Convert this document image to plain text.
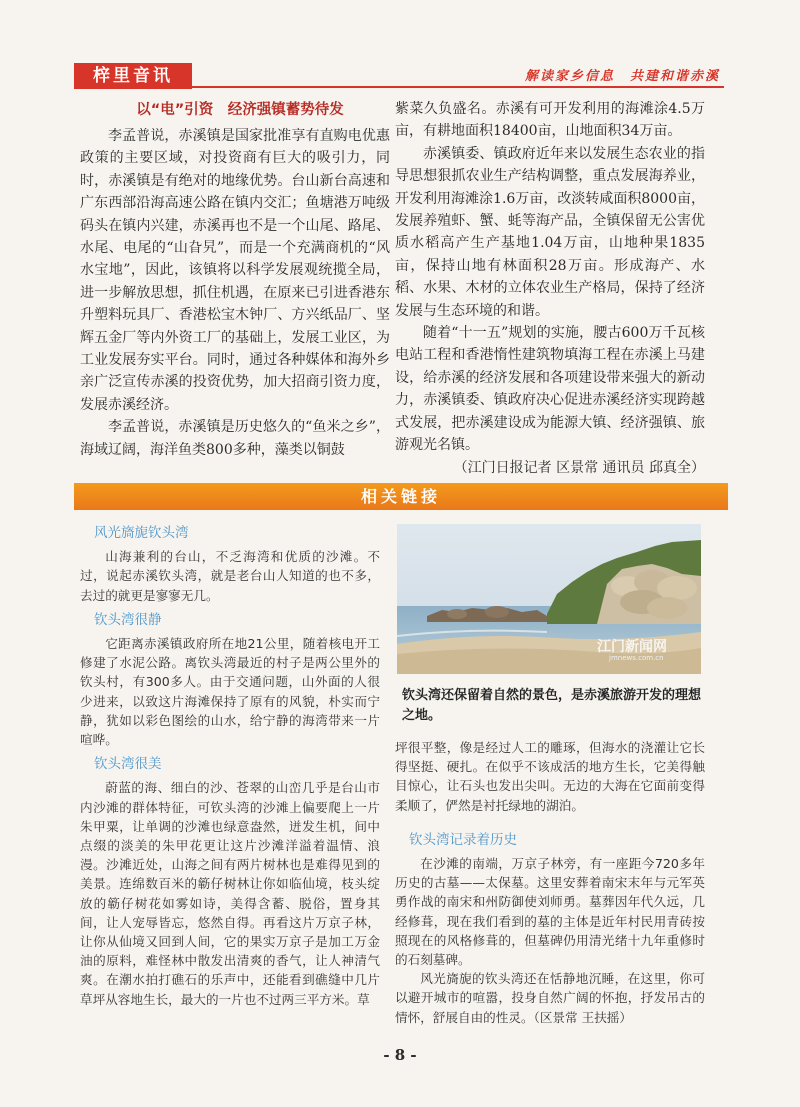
梓里音讯	解读家乡信息　共建和谐赤溪
以“电”引资　经济强镇蓄势待发

李孟普说，赤溪镇是国家批准享有直购电优惠政策的主要区域，对投资商有巨大的吸引力，同时，赤溪镇是有绝对的地缘优势。台山新台高速和广东西部沿海高速公路在镇内交汇；鱼塘港万吨级码头在镇内兴建，赤溪再也不是一个山尾、路尾、水尾、电尾的“山旮旯”，而是一个充满商机的“风水宝地”，因此，该镇将以科学发展观统揽全局，进一步解放思想，抓住机遇，在原来已引进香港东升塑料玩具厂、香港松宝木钟厂、方兴纸品厂、坚辉五金厂等内外资工厂的基础上，发展工业区，为工业发展夯实平台。同时，通过各种媒体和海外乡亲广泛宣传赤溪的投资优势，加大招商引资力度，发展赤溪经济。

李孟普说，赤溪镇是历史悠久的“鱼米之乡”，海域辽阔，海洋鱼类800多种，藻类以铜鼓

紫菜久负盛名。赤溪有可开发利用的海滩涂4.5万亩，有耕地面积18400亩，山地面积34万亩。

赤溪镇委、镇政府近年来以发展生态农业的指导思想狠抓农业生产结构调整，重点发展海养业，开发利用海滩涂1.6万亩，改淡转咸面积8000亩，发展养殖虾、蟹、蚝等海产品，全镇保留无公害优质水稻高产生产基地1.04万亩，山地种果1835亩，保持山地有林面积28万亩。形成海产、水稻、水果、木材的立体农业生产格局，保持了经济发展与生态环境的和谐。

随着“十一五”规划的实施，腰古600万千瓦核电站工程和香港惰性建筑物填海工程在赤溪上马建设，给赤溪的经济发展和各项建设带来强大的新动力，赤溪镇委、镇政府决心促进赤溪经济实现跨越式发展，把赤溪建设成为能源大镇、经济强镇、旅游观光名镇。

（江门日报记者 区景常 通讯员 邱真全）

相关链接
风光旖旎钦头湾

山海兼利的台山，不乏海湾和优质的沙滩。不过，说起赤溪钦头湾，就是老台山人知道的也不多，去过的就更是寥寥无几。

钦头湾很静

它距离赤溪镇政府所在地21公里，随着核电开工修建了水泥公路。离钦头湾最近的村子是两公里外的钦头村，有300多人。由于交通问题，山外面的人很少进来，以致这片海滩保持了原有的风貌，朴实而宁静，犹如以彩色图绘的山水，给宁静的海湾带来一片喧哗。

钦头湾很美

蔚蓝的海、细白的沙、苍翠的山峦几乎是台山市内沙滩的群体特征，可钦头湾的沙滩上偏要爬上一片朱甲粟，让单调的沙滩也绿意盎然，迸发生机，间中点缀的淡美的朱甲花更让这片沙滩洋溢着温情、浪漫。沙滩近处，山海之间有两片树林也是难得见到的美景。连绵数百米的簕仔树林让你如临仙境，枝头绽放的簕仔树花如雾如诗，美得含蓄、脱俗，置身其间，让人宠辱皆忘，悠然自得。再看这片万京子林，让你从仙境又回到人间，它的果实万京子是加工万金油的原料，难怪林中散发出清爽的香气，让人神清气爽。在潮水拍打礁石的乐声中，还能看到礁缝中几片草坪从容地生长，最大的一片也不过两三平方米。草

江门新闻网
jmnews.com.cn
钦头湾还保留着自然的景色，是赤溪旅游开发的理想之地。

坪很平整，像是经过人工的雕琢，但海水的浇灌让它长得坚挺、硬扎。在似乎不该成活的地方生长，它美得触目惊心，让石头也发出尖叫。无边的大海在它面前变得柔顺了，俨然是衬托绿地的湖泊。

钦头湾记录着历史

在沙滩的南端，万京子林旁，有一座距今720多年历史的古墓——太保墓。这里安葬着南宋末年与元军英勇作战的南宋和州防御使刘师勇。墓葬因年代久远，几经修葺，现在我们看到的墓的主体是近年村民用青砖按照现在的风格修葺的，但墓碑仍用清光绪十九年重修时的石刻墓碑。

风光旖旎的钦头湾还在恬静地沉睡，在这里，你可以避开城市的喧嚣，投身自然广阔的怀抱，抒发吊古的情怀，舒展自由的性灵。（区景常 王扶摇）

- 8 -
